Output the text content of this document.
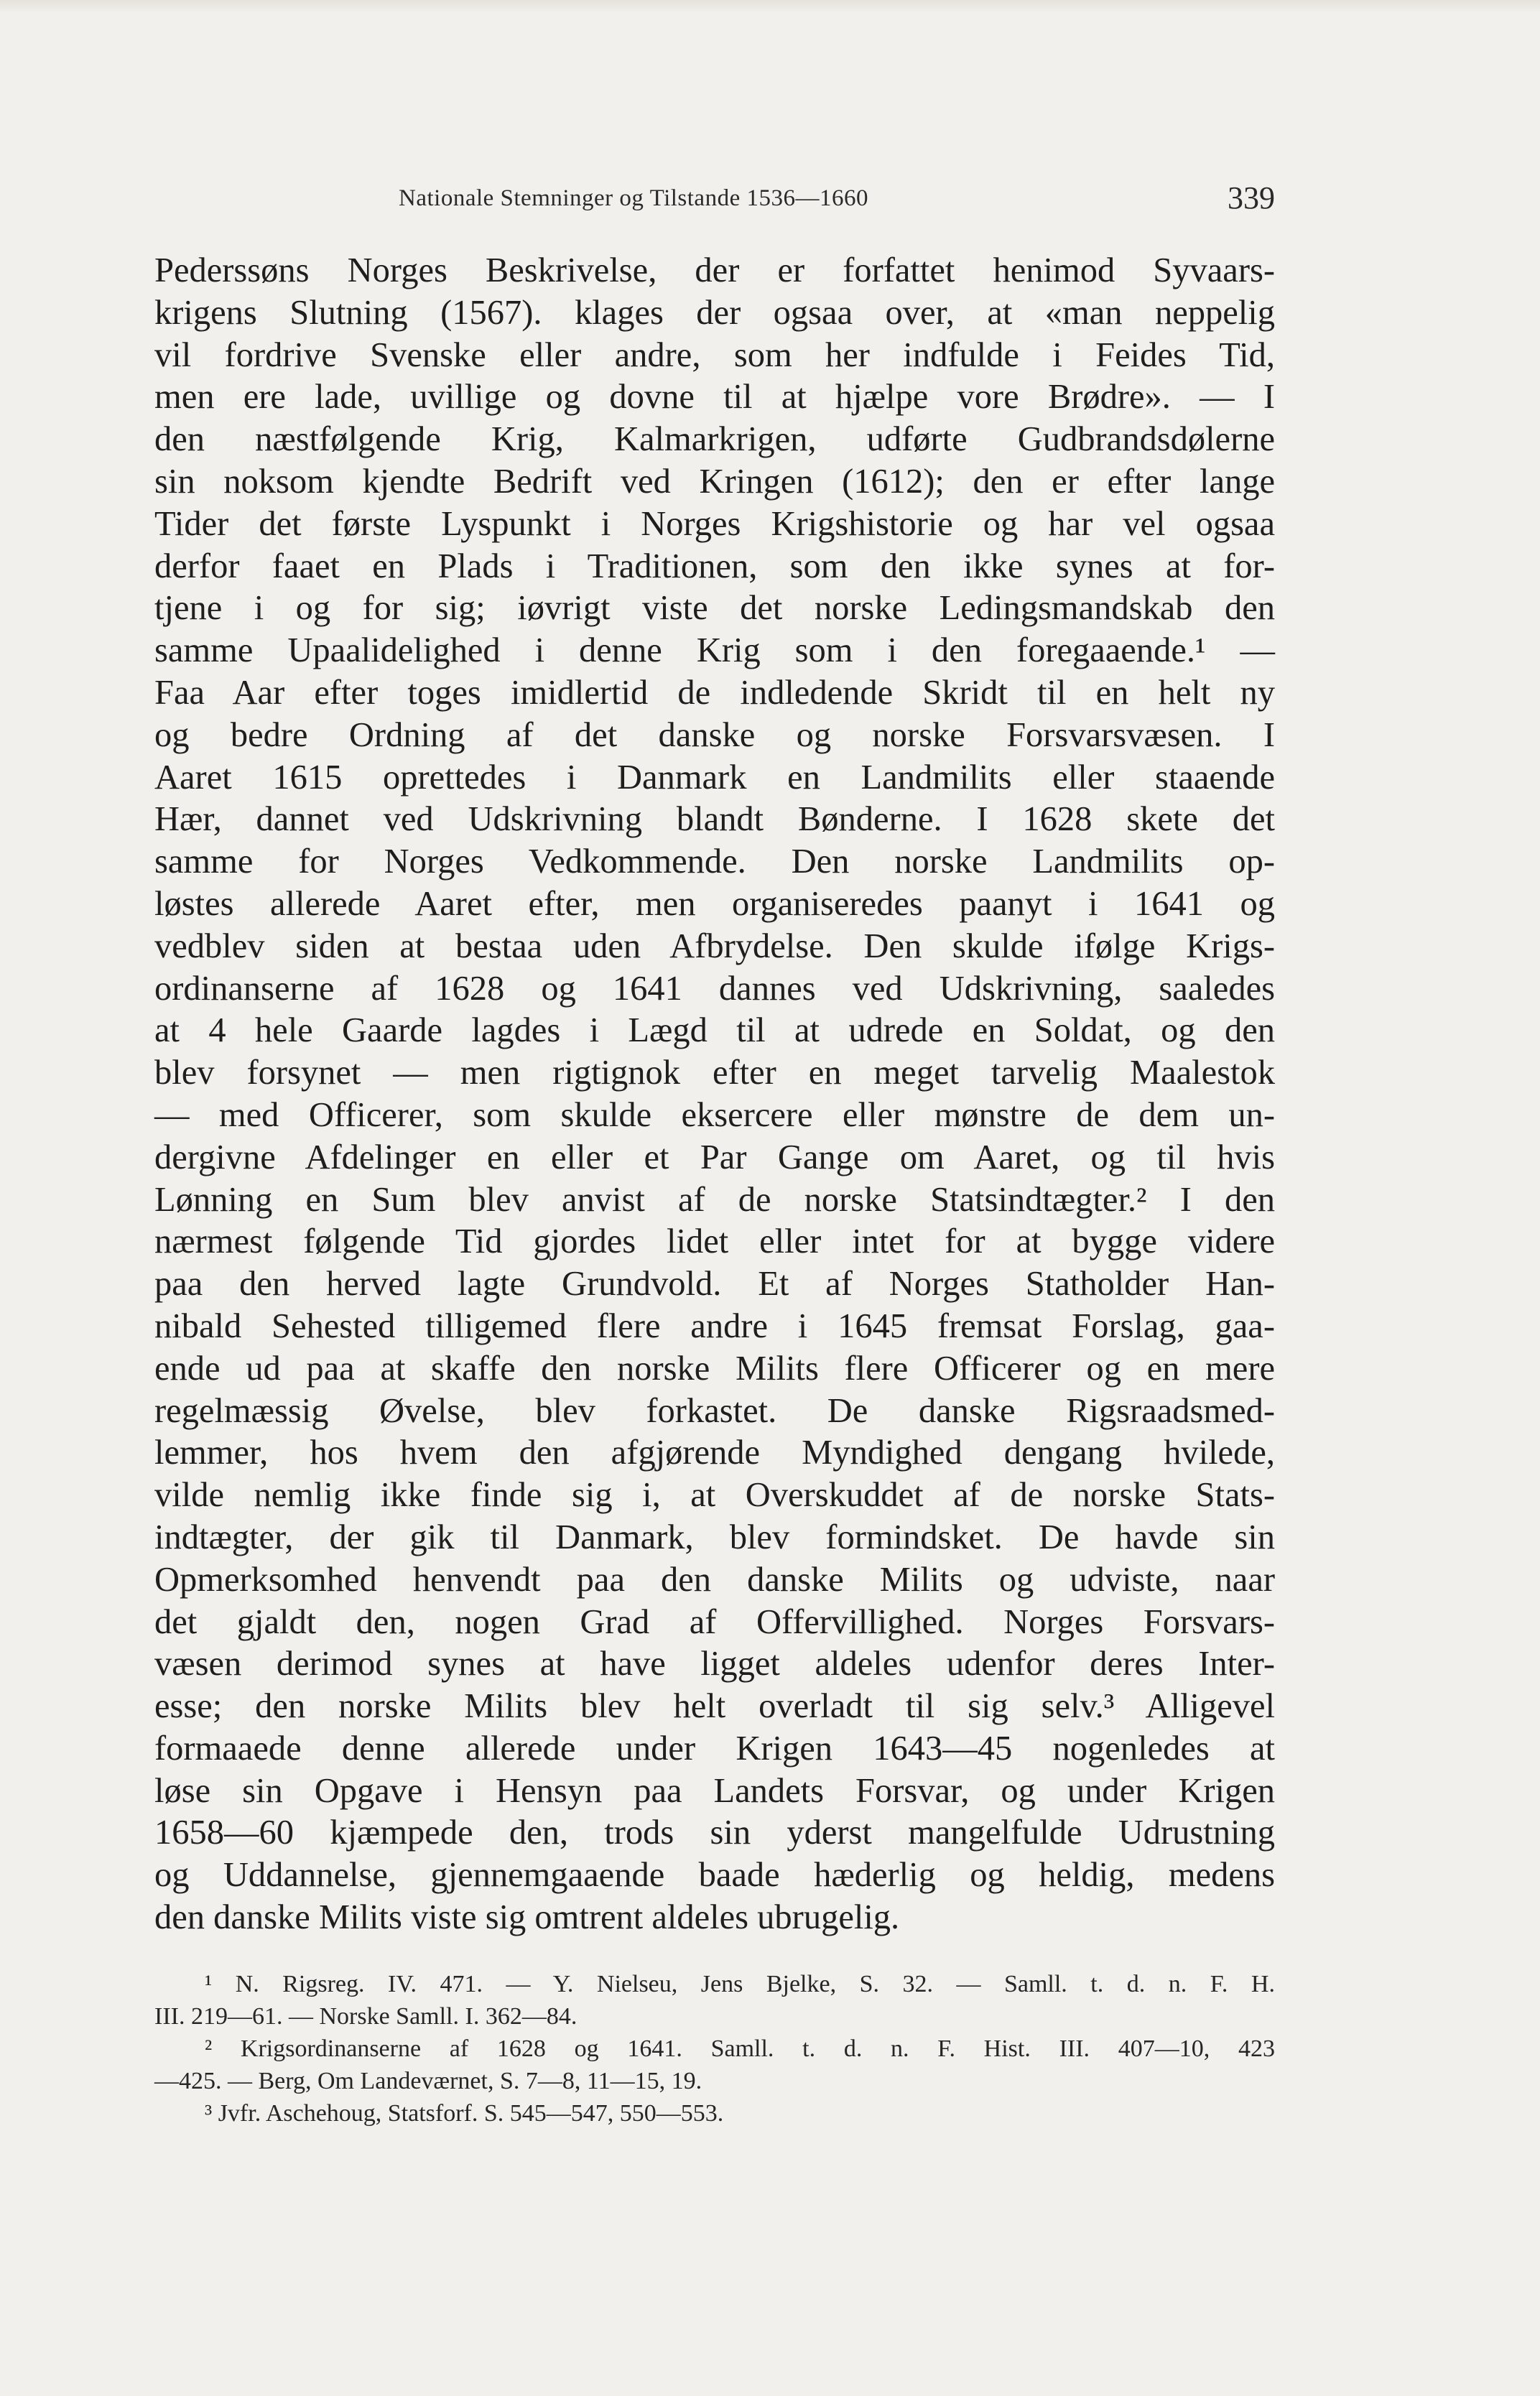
Nationale Stemninger og Tilstande 1536—1660	339
Pederssøns Norges Beskrivelse, der er forfattet henimod Syvaars-
krigens Slutning (1567). klages der ogsaa over, at «man neppelig
vil fordrive Svenske eller andre, som her indfulde i Feides Tid,
men ere lade, uvillige og dovne til at hjælpe vore Brødre». — I
den næstfølgende Krig, Kalmarkrigen, udførte Gudbrandsdølerne
sin noksom kjendte Bedrift ved Kringen (1612); den er efter lange
Tider det første Lyspunkt i Norges Krigshistorie og har vel ogsaa
derfor faaet en Plads i Traditionen, som den ikke synes at for-
tjene i og for sig; iøvrigt viste det norske Ledingsmandskab den
samme Upaalidelighed i denne Krig som i den foregaaende.¹ —
Faa Aar efter toges imidlertid de indledende Skridt til en helt ny
og bedre Ordning af det danske og norske Forsvarsvæsen. I
Aaret 1615 oprettedes i Danmark en Landmilits eller staaende
Hær, dannet ved Udskrivning blandt Bønderne. I 1628 skete det
samme for Norges Vedkommende. Den norske Landmilits op-
løstes allerede Aaret efter, men organiseredes paanyt i 1641 og
vedblev siden at bestaa uden Afbrydelse. Den skulde ifølge Krigs-
ordinanserne af 1628 og 1641 dannes ved Udskrivning, saaledes
at 4 hele Gaarde lagdes i Lægd til at udrede en Soldat, og den
blev forsynet — men rigtignok efter en meget tarvelig Maalestok
— med Officerer, som skulde eksercere eller mønstre de dem un-
dergivne Afdelinger en eller et Par Gange om Aaret, og til hvis
Lønning en Sum blev anvist af de norske Statsindtægter.² I den
nærmest følgende Tid gjordes lidet eller intet for at bygge videre
paa den herved lagte Grundvold. Et af Norges Statholder Han-
nibald Sehested tilligemed flere andre i 1645 fremsat Forslag, gaa-
ende ud paa at skaffe den norske Milits flere Officerer og en mere
regelmæssig Øvelse, blev forkastet. De danske Rigsraadsmed-
lemmer, hos hvem den afgjørende Myndighed dengang hvilede,
vilde nemlig ikke finde sig i, at Overskuddet af de norske Stats-
indtægter, der gik til Danmark, blev formindsket. De havde sin
Opmerksomhed henvendt paa den danske Milits og udviste, naar
det gjaldt den, nogen Grad af Offervillighed. Norges Forsvars-
væsen derimod synes at have ligget aldeles udenfor deres Inter-
esse; den norske Milits blev helt overladt til sig selv.³ Alligevel
formaaede denne allerede under Krigen 1643—45 nogenledes at
løse sin Opgave i Hensyn paa Landets Forsvar, og under Krigen
1658—60 kjæmpede den, trods sin yderst mangelfulde Udrustning
og Uddannelse, gjennemgaaende baade hæderlig og heldig, medens
den danske Milits viste sig omtrent aldeles ubrugelig.
¹ N. Rigsreg. IV. 471. — Y. Nielseu, Jens Bjelke, S. 32. — Samll. t. d. n. F. H.
III. 219—61. — Norske Samll. I. 362—84.
² Krigsordinanserne af 1628 og 1641. Samll. t. d. n. F. Hist. III. 407—10, 423
—425. — Berg, Om Landeværnet, S. 7—8, 11—15, 19.
³ Jvfr. Aschehoug, Statsforf. S. 545—547, 550—553.
